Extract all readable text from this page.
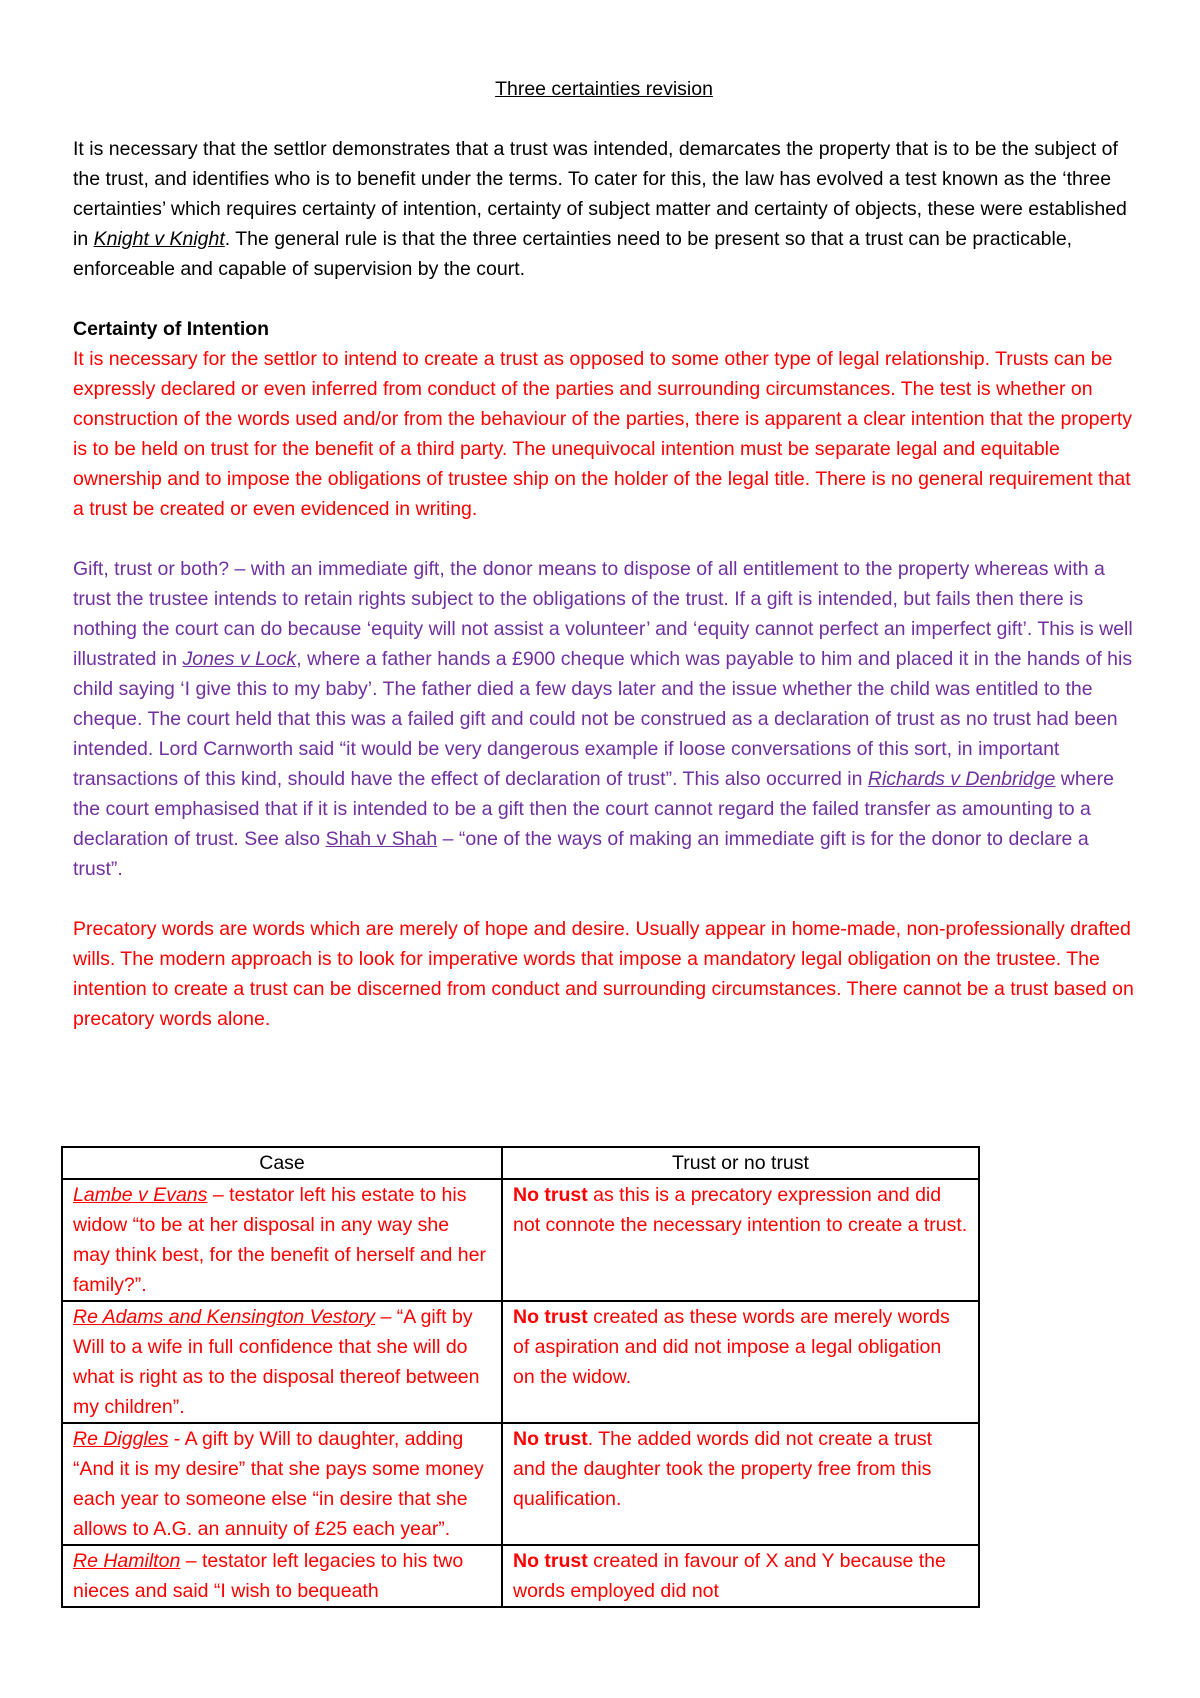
Three certainties revision

It is necessary that the settlor demonstrates that a trust was intended, demarcates the property that is to be the subject of the trust, and identifies who is to benefit under the terms. To cater for this, the law has evolved a test known as the ‘three certainties’ which requires certainty of intention, certainty of subject matter and certainty of objects, these were established in Knight v Knight. The general rule is that the three certainties need to be present so that a trust can be practicable, enforceable and capable of supervision by the court.

Certainty of Intention

It is necessary for the settlor to intend to create a trust as opposed to some other type of legal relationship. Trusts can be expressly declared or even inferred from conduct of the parties and surrounding circumstances. The test is whether on construction of the words used and/or from the behaviour of the parties, there is apparent a clear intention that the property is to be held on trust for the benefit of a third party. The unequivocal intention must be separate legal and equitable ownership and to impose the obligations of trustee ship on the holder of the legal title. There is no general requirement that a trust be created or even evidenced in writing.

Gift, trust or both? – with an immediate gift, the donor means to dispose of all entitlement to the property whereas with a trust the trustee intends to retain rights subject to the obligations of the trust. If a gift is intended, but fails then there is nothing the court can do because ‘equity will not assist a volunteer’ and ‘equity cannot perfect an imperfect gift’. This is well illustrated in Jones v Lock, where a father hands a £900 cheque which was payable to him and placed it in the hands of his child saying ‘I give this to my baby’. The father died a few days later and the issue whether the child was entitled to the cheque. The court held that this was a failed gift and could not be construed as a declaration of trust as no trust had been intended. Lord Carnworth said “it would be very dangerous example if loose conversations of this sort, in important transactions of this kind, should have the effect of declaration of trust”. This also occurred in Richards v Denbridge where the court emphasised that if it is intended to be a gift then the court cannot regard the failed transfer as amounting to a declaration of trust. See also Shah v Shah – “one of the ways of making an immediate gift is for the donor to declare a trust”.

Precatory words are words which are merely of hope and desire. Usually appear in home-made, non-professionally drafted wills. The modern approach is to look for imperative words that impose a mandatory legal obligation on the trustee. The intention to create a trust can be discerned from conduct and surrounding circumstances. There cannot be a trust based on precatory words alone.

Case	Trust or no trust
Lambe v Evans – testator left his estate to his widow “to be at her disposal in any way she may think best, for the benefit of herself and her family?”.	No trust as this is a precatory expression and did not connote the necessary intention to create a trust.
Re Adams and Kensington Vestory – “A gift by Will to a wife in full confidence that she will do what is right as to the disposal thereof between my children”.	No trust created as these words are merely words of aspiration and did not impose a legal obligation on the widow.
Re Diggles - A gift by Will to daughter, adding “And it is my desire” that she pays some money each year to someone else “in desire that she allows to A.G. an annuity of £25 each year”.	No trust. The added words did not create a trust and the daughter took the property free from this qualification.
Re Hamilton – testator left legacies to his two nieces and said “I wish to bequeath	No trust created in favour of X and Y because the words employed did not
